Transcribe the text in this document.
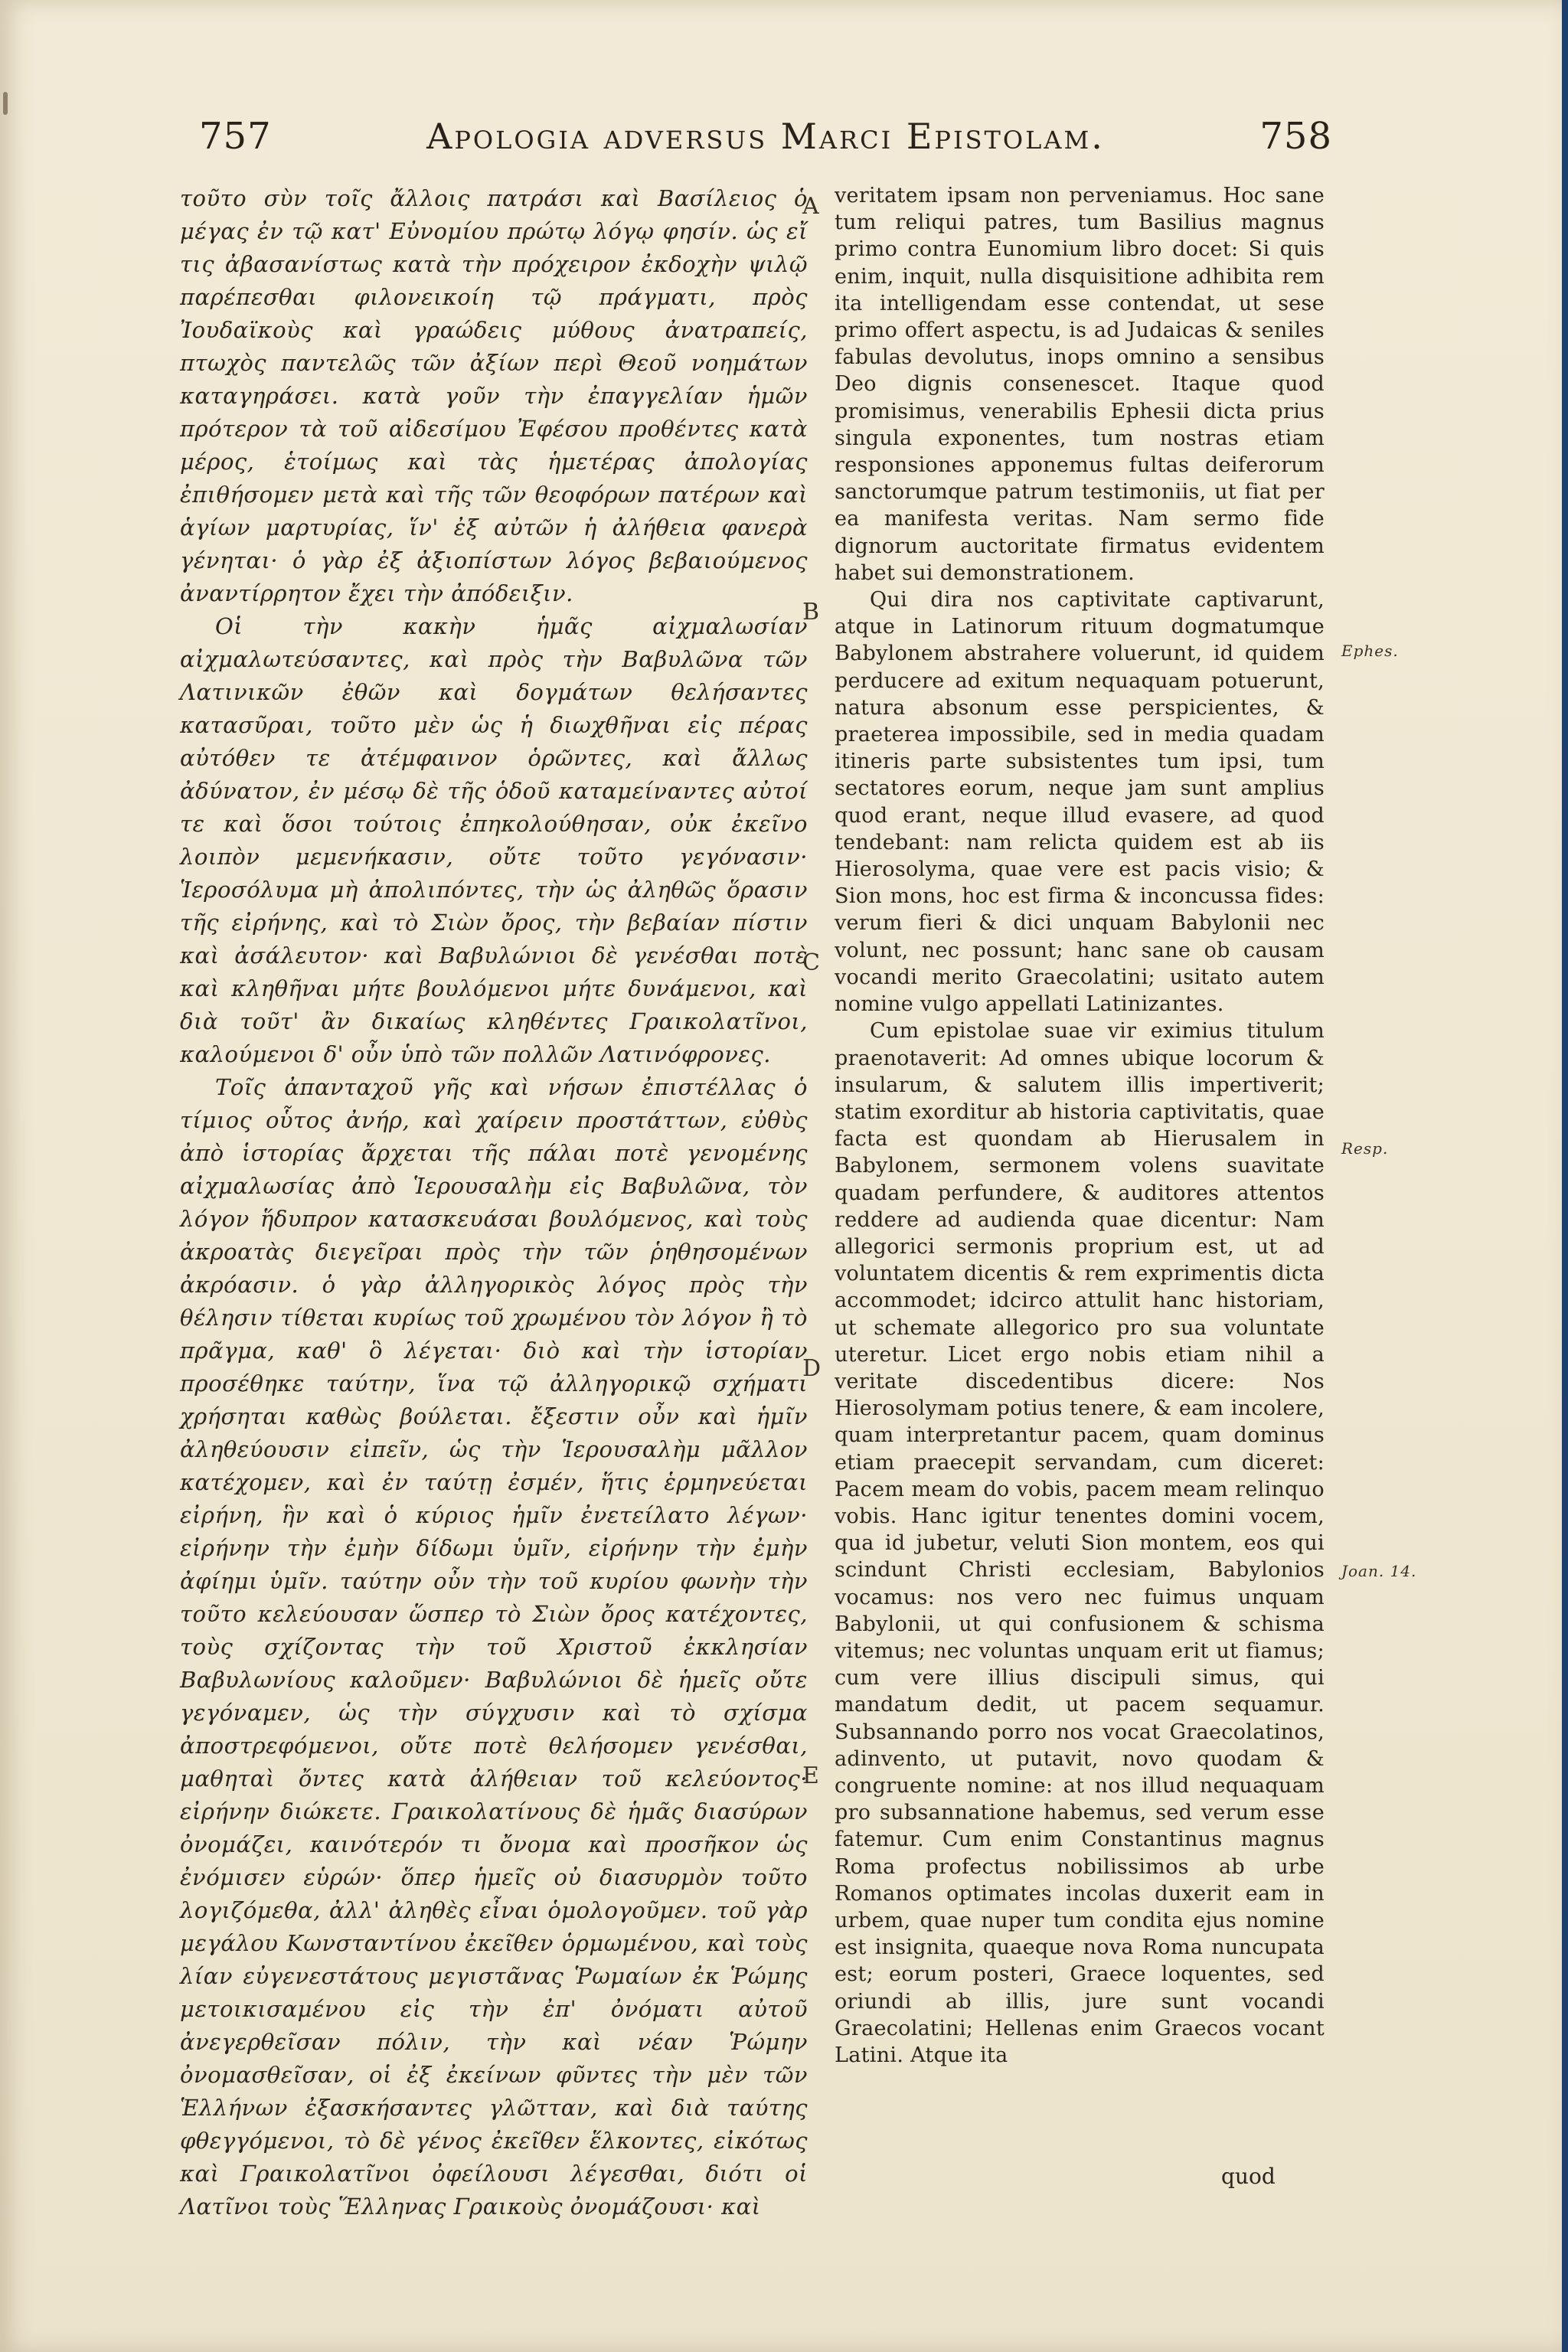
757	Apologia adversus Marci Epistolam.	758

τοῦτο σὺν τοῖς ἄλλοις πατράσι καὶ Βασίλειος ὁ μέγας ἐν τῷ κατ' Εὐνομίου πρώτῳ λόγῳ φησίν. ὡς εἴ τις ἀβασανίστως κατὰ τὴν πρόχειρον ἐκδοχὴν ψιλῷ παρέπεσθαι φιλονεικοίη τῷ πράγματι, πρὸς Ἰουδαϊκοὺς καὶ γραώδεις μύθους ἀνατραπείς, πτωχὸς παντελῶς τῶν ἀξίων περὶ Θεοῦ νοημάτων καταγηράσει. κατὰ γοῦν τὴν ἐπαγγελίαν ἡμῶν πρότερον τὰ τοῦ αἰδεσίμου Ἐφέσου προθέντες κατὰ μέρος, ἑτοίμως καὶ τὰς ἡμετέρας ἀπολογίας ἐπιθήσομεν μετὰ καὶ τῆς τῶν θεοφόρων πατέρων καὶ ἁγίων μαρτυρίας, ἵν' ἐξ αὐτῶν ἡ ἀλήθεια φανερὰ γένηται· ὁ γὰρ ἐξ ἀξιοπίστων λόγος βεβαιούμενος ἀναντίρρητον ἔχει τὴν ἀπόδειξιν.

Οἱ τὴν κακὴν ἡμᾶς αἰχμαλωσίαν αἰχμαλωτεύσαντες, καὶ πρὸς τὴν Βαβυλῶνα τῶν Λατινικῶν ἐθῶν καὶ δογμάτων θελήσαντες κατασῦραι, τοῦτο μὲν ὡς ἡ διωχθῆναι εἰς πέρας αὐτόθεν τε ἀτέμφαινον ὁρῶντες, καὶ ἄλλως ἀδύνατον, ἐν μέσῳ δὲ τῆς ὁδοῦ καταμείναντες αὐτοί τε καὶ ὅσοι τούτοις ἐπηκολούθησαν, οὐκ ἐκεῖνο λοιπὸν μεμενήκασιν, οὔτε τοῦτο γεγόνασιν· Ἱεροσόλυμα μὴ ἀπολιπόντες, τὴν ὡς ἀληθῶς ὅρασιν τῆς εἰρήνης, καὶ τὸ Σιὼν ὄρος, τὴν βεβαίαν πίστιν καὶ ἀσάλευτον· καὶ Βαβυλώνιοι δὲ γενέσθαι ποτὲ καὶ κληθῆναι μήτε βουλόμενοι μήτε δυνάμενοι, καὶ διὰ τοῦτ' ἂν δικαίως κληθέντες Γραικολατῖνοι, καλούμενοι δ' οὖν ὑπὸ τῶν πολλῶν Λατινόφρονες.

Τοῖς ἀπανταχοῦ γῆς καὶ νήσων ἐπιστέλλας ὁ τίμιος οὗτος ἀνήρ, καὶ χαίρειν προστάττων, εὐθὺς ἀπὸ ἱστορίας ἄρχεται τῆς πάλαι ποτὲ γενομένης αἰχμαλωσίας ἀπὸ Ἱερουσαλὴμ εἰς Βαβυλῶνα, τὸν λόγον ἥδυπρον κατασκευάσαι βουλόμενος, καὶ τοὺς ἀκροατὰς διεγεῖραι πρὸς τὴν τῶν ῥηθησομένων ἀκρόασιν. ὁ γὰρ ἀλληγορικὸς λόγος πρὸς τὴν θέλησιν τίθεται κυρίως τοῦ χρωμένου τὸν λόγον ἢ τὸ πρᾶγμα, καθ' ὃ λέγεται· διὸ καὶ τὴν ἱστορίαν προσέθηκε ταύτην, ἵνα τῷ ἀλληγορικῷ σχήματι χρήσηται καθὼς βούλεται. ἔξεστιν οὖν καὶ ἡμῖν ἀληθεύουσιν εἰπεῖν, ὡς τὴν Ἱερουσαλὴμ μᾶλλον κατέχομεν, καὶ ἐν ταύτῃ ἐσμέν, ἥτις ἑρμηνεύεται εἰρήνη, ἣν καὶ ὁ κύριος ἡμῖν ἐνετείλατο λέγων· εἰρήνην τὴν ἐμὴν δίδωμι ὑμῖν, εἰρήνην τὴν ἐμὴν ἀφίημι ὑμῖν. ταύτην οὖν τὴν τοῦ κυρίου φωνὴν τὴν τοῦτο κελεύουσαν ὥσπερ τὸ Σιὼν ὄρος κατέχοντες, τοὺς σχίζοντας τὴν τοῦ Χριστοῦ ἐκκλησίαν Βαβυλωνίους καλοῦμεν· Βαβυλώνιοι δὲ ἡμεῖς οὔτε γεγόναμεν, ὡς τὴν σύγχυσιν καὶ τὸ σχίσμα ἀποστρεφόμενοι, οὔτε ποτὲ θελήσομεν γενέσθαι, μαθηταὶ ὄντες κατὰ ἀλήθειαν τοῦ κελεύοντος· εἰρήνην διώκετε. Γραικολατίνους δὲ ἡμᾶς διασύρων ὀνομάζει, καινότερόν τι ὄνομα καὶ προσῆκον ὡς ἐνόμισεν εὑρών· ὅπερ ἡμεῖς οὐ διασυρμὸν τοῦτο λογιζόμεθα, ἀλλ' ἀληθὲς εἶναι ὁμολογοῦμεν. τοῦ γὰρ μεγάλου Κωνσταντίνου ἐκεῖθεν ὁρμωμένου, καὶ τοὺς λίαν εὐγενεστάτους μεγιστᾶνας Ῥωμαίων ἐκ Ῥώμης μετοικισαμένου εἰς τὴν ἐπ' ὀνόματι αὐτοῦ ἀνεγερθεῖσαν πόλιν, τὴν καὶ νέαν Ῥώμην ὀνομασθεῖσαν, οἱ ἐξ ἐκείνων φῦντες τὴν μὲν τῶν Ἑλλήνων ἐξασκήσαντες γλῶτταν, καὶ διὰ ταύτης φθεγγόμενοι, τὸ δὲ γένος ἐκεῖθεν ἕλκοντες, εἰκότως καὶ Γραικολατῖνοι ὀφείλουσι λέγεσθαι, διότι οἱ Λατῖνοι τοὺς Ἕλληνας Γραικοὺς ὀνομάζουσι· καὶ

veritatem ipsam non perveniamus. Hoc sane tum reliqui patres, tum Basilius magnus primo contra Eunomium libro docet: Si quis enim, inquit, nulla disquisitione adhibita rem ita intelligendam esse contendat, ut sese primo offert aspectu, is ad Judaicas & seniles fabulas devolutus, inops omnino a sensibus Deo dignis consenescet. Itaque quod promisimus, venerabilis Ephesii dicta prius singula exponentes, tum nostras etiam responsiones apponemus fultas deiferorum sanctorumque patrum testimoniis, ut fiat per ea manifesta veritas. Nam sermo fide dignorum auctoritate firmatus evidentem habet sui demonstrationem.

Qui dira nos captivitate captivarunt, atque in Latinorum rituum dogmatumque Babylonem abstrahere voluerunt, id quidem perducere ad exitum nequaquam potuerunt, natura absonum esse perspicientes, & praeterea impossibile, sed in media quadam itineris parte subsistentes tum ipsi, tum sectatores eorum, neque jam sunt amplius quod erant, neque illud evasere, ad quod tendebant: nam relicta quidem est ab iis Hierosolyma, quae vere est pacis visio; & Sion mons, hoc est firma & inconcussa fides: verum fieri & dici unquam Babylonii nec volunt, nec possunt; hanc sane ob causam vocandi merito Graecolatini; usitato autem nomine vulgo appellati Latinizantes.

Cum epistolae suae vir eximius titulum praenotaverit: Ad omnes ubique locorum & insularum, & salutem illis impertiverit; statim exorditur ab historia captivitatis, quae facta est quondam ab Hierusalem in Babylonem, sermonem volens suavitate quadam perfundere, & auditores attentos reddere ad audienda quae dicentur: Nam allegorici sermonis proprium est, ut ad voluntatem dicentis & rem exprimentis dicta accommodet; idcirco attulit hanc historiam, ut schemate allegorico pro sua voluntate uteretur. Licet ergo nobis etiam nihil a veritate discedentibus dicere: Nos Hierosolymam potius tenere, & eam incolere, quam interpretantur pacem, quam dominus etiam praecepit servandam, cum diceret: Pacem meam do vobis, pacem meam relinquo vobis. Hanc igitur tenentes domini vocem, qua id jubetur, veluti Sion montem, eos qui scindunt Christi ecclesiam, Babylonios vocamus: nos vero nec fuimus unquam Babylonii, ut qui confusionem & schisma vitemus; nec voluntas unquam erit ut fiamus; cum vere illius discipuli simus, qui mandatum dedit, ut pacem sequamur. Subsannando porro nos vocat Graecolatinos, adinvento, ut putavit, novo quodam & congruente nomine: at nos illud nequaquam pro subsannatione habemus, sed verum esse fatemur. Cum enim Constantinus magnus Roma profectus nobilissimos ab urbe Romanos optimates incolas duxerit eam in urbem, quae nuper tum condita ejus nomine est insignita, quaeque nova Roma nuncupata est; eorum posteri, Graece loquentes, sed oriundi ab illis, jure sunt vocandi Graecolatini; Hellenas enim Graecos vocant Latini. Atque ita

A
B
C
D
E
Ephes.
Resp.
Joan. 14.
quod
